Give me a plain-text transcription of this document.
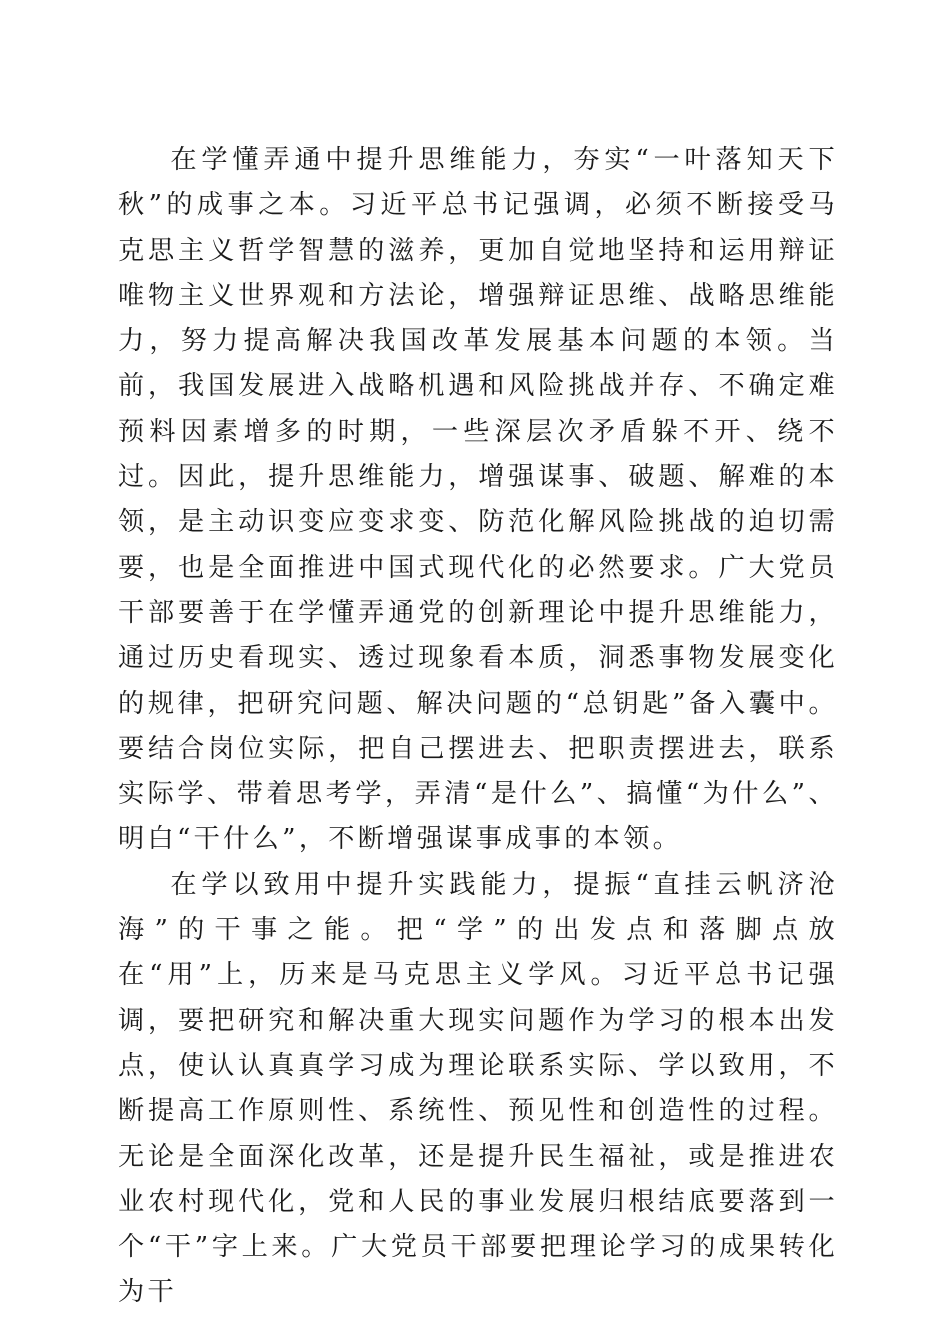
在学懂弄通中提升思维能力，夯实“一叶落知天下秋”的成事之本。习近平总书记强调，必须不断接受马克思主义哲学智慧的滋养，更加自觉地坚持和运用辩证唯物主义世界观和方法论，增强辩证思维、战略思维能力，努力提高解决我国改革发展基本问题的本领。当前，我国发展进入战略机遇和风险挑战并存、不确定难预料因素增多的时期，一些深层次矛盾躲不开、绕不过。因此，提升思维能力，增强谋事、破题、解难的本领，是主动识变应变求变、防范化解风险挑战的迫切需要，也是全面推进中国式现代化的必然要求。广大党员干部要善于在学懂弄通党的创新理论中提升思维能力，通过历史看现实、透过现象看本质，洞悉事物发展变化的规律，把研究问题、解决问题的“总钥匙”备入囊中。要结合岗位实际，把自己摆进去、把职责摆进去，联系实际学、带着思考学，弄清“是什么”、搞懂“为什么”、明白“干什么”，不断增强谋事成事的本领。

在学以致用中提升实践能力，提振“直挂云帆济沧海”的干事之能。把“学”的出发点和落脚点放在“用”上，历来是马克思主义学风。习近平总书记强调，要把研究和解决重大现实问题作为学习的根本出发点，使认认真真学习成为理论联系实际、学以致用，不断提高工作原则性、系统性、预见性和创造性的过程。无论是全面深化改革，还是提升民生福祉，或是推进农业农村现代化，党和人民的事业发展归根结底要落到一个“干”字上来。广大党员干部要把理论学习的成果转化为干
